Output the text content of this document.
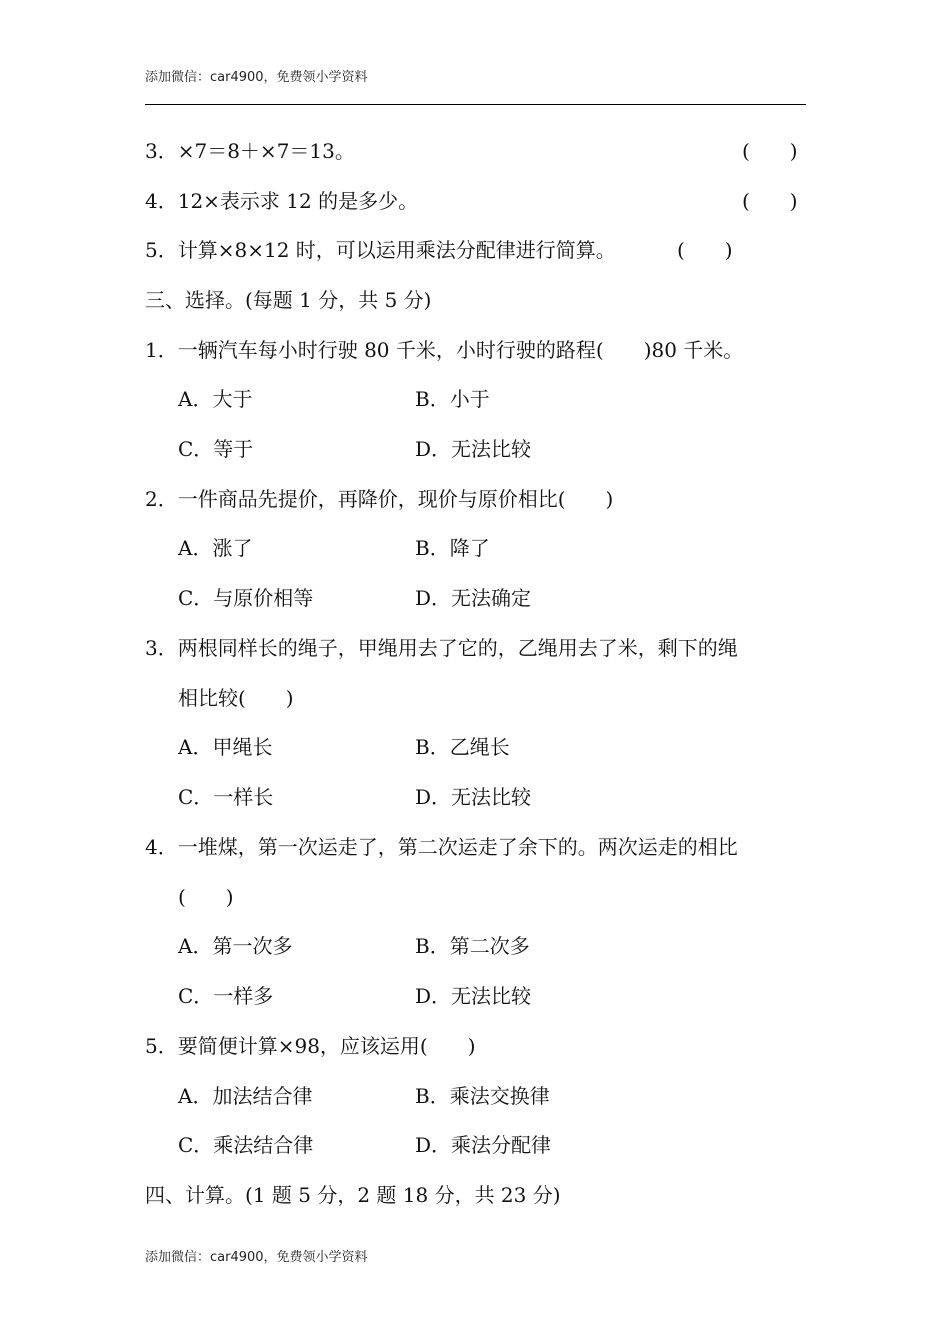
添加微信：car4900，免费领小学资料
3．×7＝8＋×7＝13。	(　　)
4．12×表示求 12 的是多少。	(　　)
5．计算×8×12 时，可以运用乘法分配律进行简算。	(　　)
三、选择。(每题 1 分，共 5 分)
1．一辆汽车每小时行驶 80 千米，小时行驶的路程(　　)80 千米。
A．大于	B．小于
C．等于	D．无法比较
2．一件商品先提价，再降价，现价与原价相比(　　)
A．涨了	B．降了
C．与原价相等	D．无法确定
3．两根同样长的绳子，甲绳用去了它的，乙绳用去了米，剩下的绳
相比较(　　)
A．甲绳长	B．乙绳长
C．一样长	D．无法比较
4．一堆煤，第一次运走了，第二次运走了余下的。两次运走的相比
(　　)
A．第一次多	B．第二次多
C．一样多	D．无法比较
5．要简便计算×98，应该运用(　　)
A．加法结合律	B．乘法交换律
C．乘法结合律	D．乘法分配律
四、计算。(1 题 5 分，2 题 18 分，共 23 分)
添加微信：car4900，免费领小学资料
